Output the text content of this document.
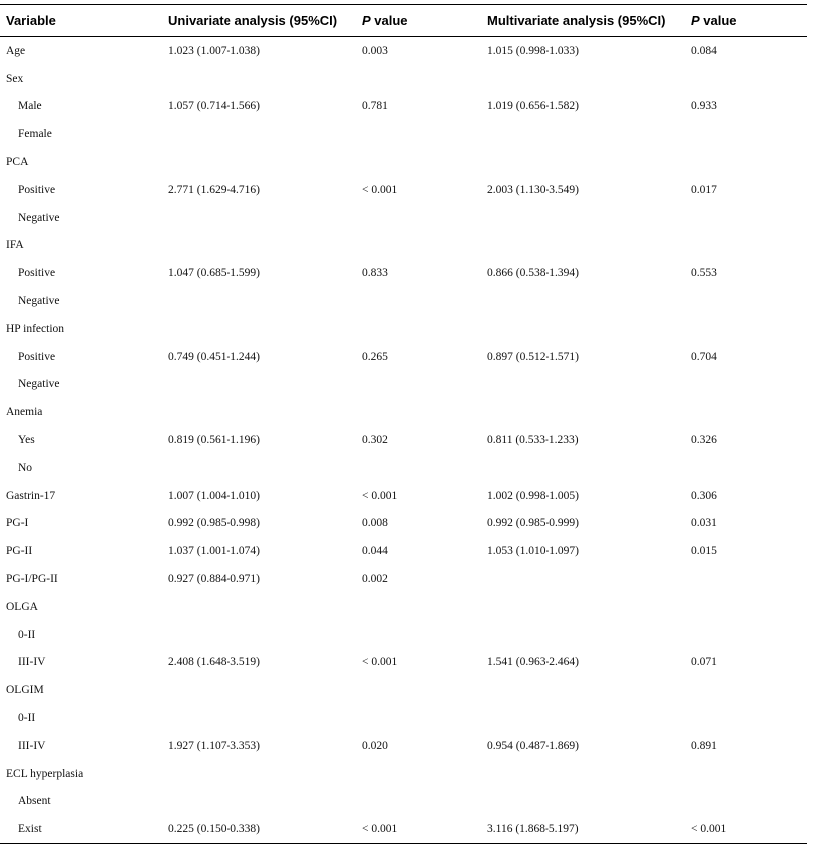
Variable	Univariate analysis (95%CI)	P value	Multivariate analysis (95%CI)	P value
Age	1.023 (1.007-1.038)	0.003	1.015 (0.998-1.033)	0.084
Sex				
Male	1.057 (0.714-1.566)	0.781	1.019 (0.656-1.582)	0.933
Female				
PCA				
Positive	2.771 (1.629-4.716)	< 0.001	2.003 (1.130-3.549)	0.017
Negative				
IFA				
Positive	1.047 (0.685-1.599)	0.833	0.866 (0.538-1.394)	0.553
Negative				
HP infection				
Positive	0.749 (0.451-1.244)	0.265	0.897 (0.512-1.571)	0.704
Negative				
Anemia				
Yes	0.819 (0.561-1.196)	0.302	0.811 (0.533-1.233)	0.326
No				
Gastrin-17	1.007 (1.004-1.010)	< 0.001	1.002 (0.998-1.005)	0.306
PG-I	0.992 (0.985-0.998)	0.008	0.992 (0.985-0.999)	0.031
PG-II	1.037 (1.001-1.074)	0.044	1.053 (1.010-1.097)	0.015
PG-I/PG-II	0.927 (0.884-0.971)	0.002		
OLGA				
0-II				
III-IV	2.408 (1.648-3.519)	< 0.001	1.541 (0.963-2.464)	0.071
OLGIM				
0-II				
III-IV	1.927 (1.107-3.353)	0.020	0.954 (0.487-1.869)	0.891
ECL hyperplasia				
Absent				
Exist	0.225 (0.150-0.338)	< 0.001	3.116 (1.868-5.197)	< 0.001
